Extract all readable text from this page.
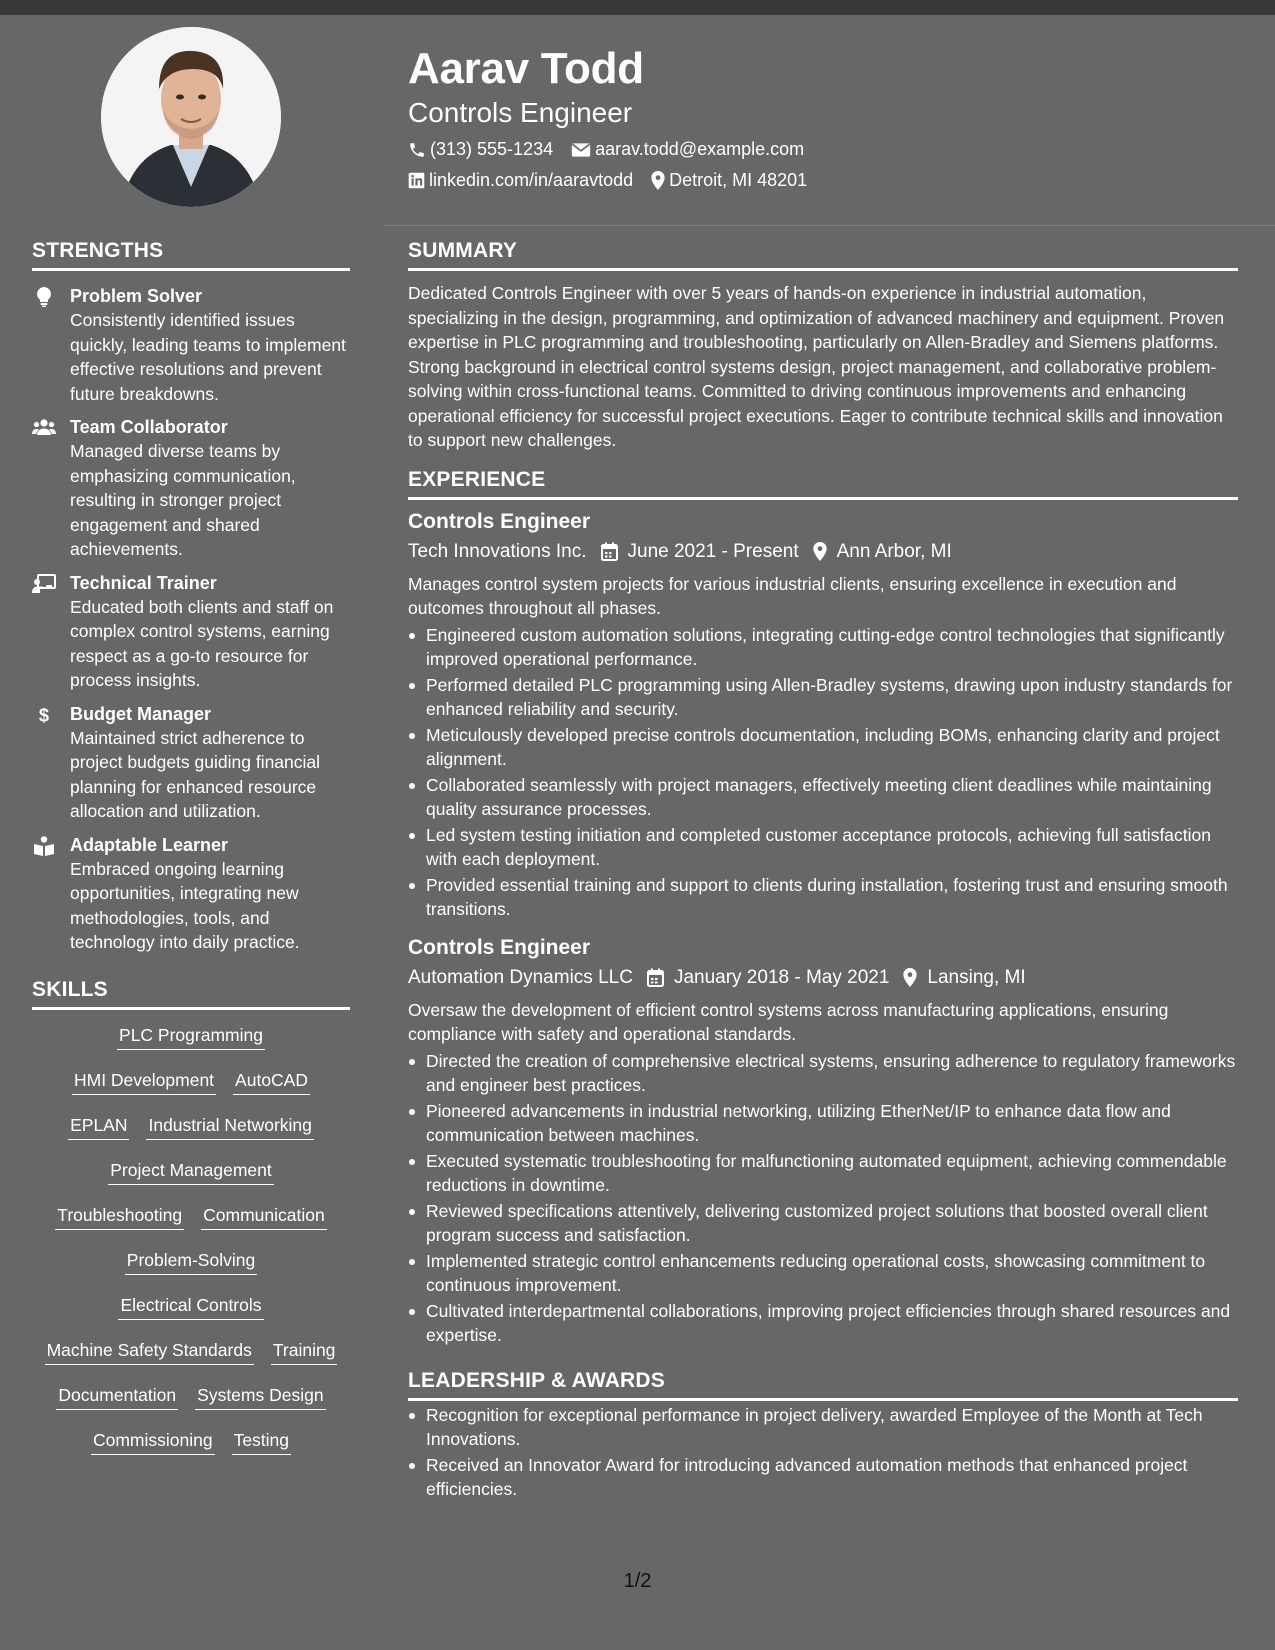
Aarav Todd
Controls Engineer
(313) 555-1234 aarav.todd@example.com
linkedin.com/in/aaravtodd Detroit, MI 48201
STRENGTHS
Problem Solver
Consistently identified issues quickly, leading teams to implement effective resolutions and prevent future breakdowns.
Team Collaborator
Managed diverse teams by emphasizing communication, resulting in stronger project engagement and shared achievements.
Technical Trainer
Educated both clients and staff on complex control systems, earning respect as a go-to resource for process insights.
$ Budget Manager
Maintained strict adherence to project budgets guiding financial planning for enhanced resource allocation and utilization.
Adaptable Learner
Embraced ongoing learning opportunities, integrating new methodologies, tools, and technology into daily practice.
SKILLS
PLC Programming
HMI Development AutoCAD
EPLAN Industrial Networking
Project Management
Troubleshooting Communication
Problem-Solving
Electrical Controls
Machine Safety Standards Training
Documentation Systems Design
Commissioning Testing
SUMMARY

Dedicated Controls Engineer with over 5 years of hands-on experience in industrial automation, specializing in the design, programming, and optimization of advanced machinery and equipment. Proven expertise in PLC programming and troubleshooting, particularly on Allen-Bradley and Siemens platforms. Strong background in electrical control systems design, project management, and collaborative problem-solving within cross-functional teams. Committed to driving continuous improvements and enhancing operational efficiency for successful project executions. Eager to contribute technical skills and innovation to support new challenges.

EXPERIENCE
Controls Engineer
Tech Innovations Inc. June 2021 - Present Ann Arbor, MI

Manages control system projects for various industrial clients, ensuring excellence in execution and outcomes throughout all phases.

Engineered custom automation solutions, integrating cutting-edge control technologies that significantly improved operational performance.
Performed detailed PLC programming using Allen-Bradley systems, drawing upon industry standards for enhanced reliability and security.
Meticulously developed precise controls documentation, including BOMs, enhancing clarity and project alignment.
Collaborated seamlessly with project managers, effectively meeting client deadlines while maintaining quality assurance processes.
Led system testing initiation and completed customer acceptance protocols, achieving full satisfaction with each deployment.
Provided essential training and support to clients during installation, fostering trust and ensuring smooth transitions.
Controls Engineer
Automation Dynamics LLC January 2018 - May 2021 Lansing, MI

Oversaw the development of efficient control systems across manufacturing applications, ensuring compliance with safety and operational standards.

Directed the creation of comprehensive electrical systems, ensuring adherence to regulatory frameworks and engineer best practices.
Pioneered advancements in industrial networking, utilizing EtherNet/IP to enhance data flow and communication between machines.
Executed systematic troubleshooting for malfunctioning automated equipment, achieving commendable reductions in downtime.
Reviewed specifications attentively, delivering customized project solutions that boosted overall client program success and satisfaction.
Implemented strategic control enhancements reducing operational costs, showcasing commitment to continuous improvement.
Cultivated interdepartmental collaborations, improving project efficiencies through shared resources and expertise.
LEADERSHIP & AWARDS
Recognition for exceptional performance in project delivery, awarded Employee of the Month at Tech Innovations.
Received an Innovator Award for introducing advanced automation methods that enhanced project efficiencies.
1/2
